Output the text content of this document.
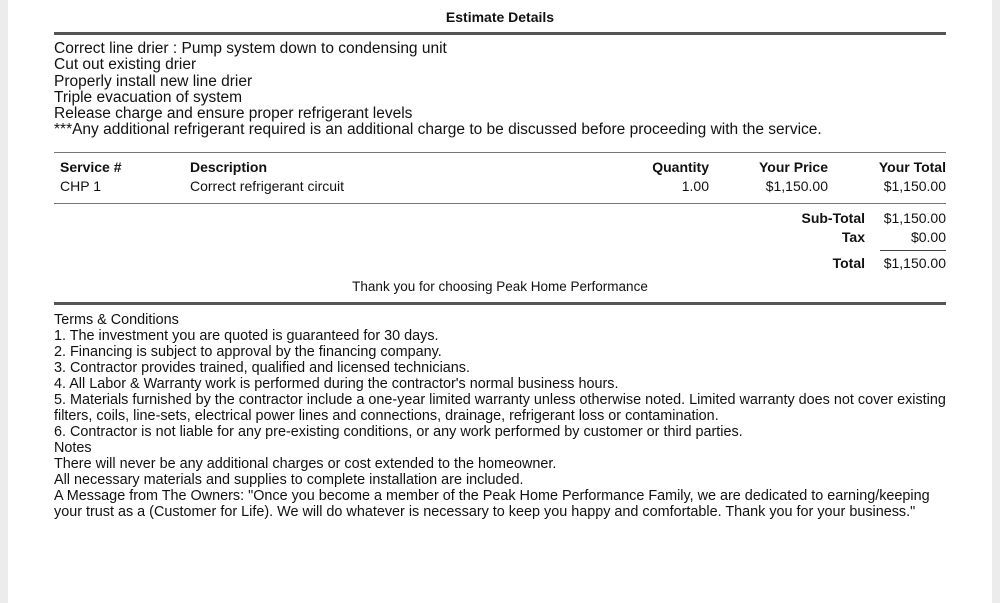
Estimate Details
Correct line drier : Pump system down to condensing unit
Cut out existing drier
Properly install new line drier
Triple evacuation of system
Release charge and ensure proper refrigerant levels
***Any additional refrigerant required is an additional charge to be discussed before proceeding with the service.
Service #	Description	Quantity	Your Price	Your Total
CHP 1	Correct refrigerant circuit	1.00	$1,150.00	$1,150.00
Sub-Total	$1,150.00
Tax	$0.00
Total	$1,150.00
Thank you for choosing Peak Home Performance
Terms & Conditions
1. The investment you are quoted is guaranteed for 30 days.
2. Financing is subject to approval by the financing company.
3. Contractor provides trained, qualified and licensed technicians.
4. All Labor & Warranty work is performed during the contractor's normal business hours.
5. Materials furnished by the contractor include a one-year limited warranty unless otherwise noted. Limited warranty does not cover existing filters, coils, line-sets, electrical power lines and connections, drainage, refrigerant loss or contamination.
6. Contractor is not liable for any pre-existing conditions, or any work performed by customer or third parties.
Notes
There will never be any additional charges or cost extended to the homeowner.
All necessary materials and supplies to complete installation are included.
A Message from The Owners: "Once you become a member of the Peak Home Performance Family, we are dedicated to earning/keeping your trust as a (Customer for Life). We will do whatever is necessary to keep you happy and comfortable. Thank you for your business."
